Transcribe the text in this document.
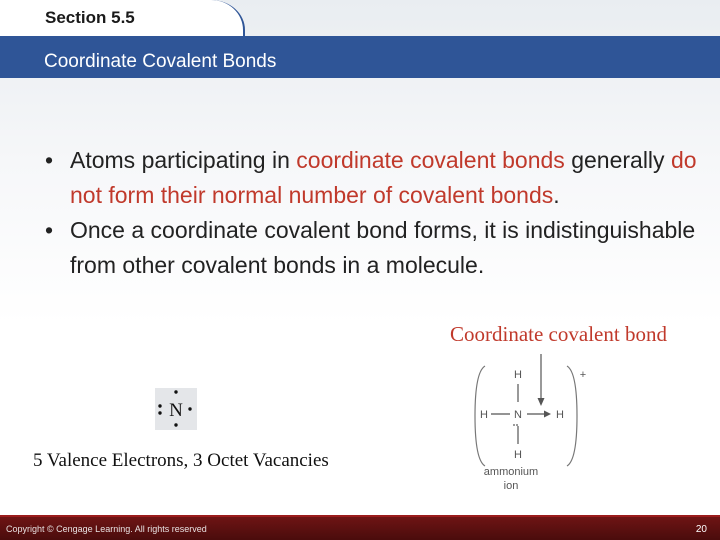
Section 5.5
Coordinate Covalent Bonds
• Atoms participating in coordinate covalent bonds generally do not form their normal number of covalent bonds.
• Once a coordinate covalent bond forms, it is indistinguishable from other covalent bonds in a molecule.
Coordinate covalent bond
N
5 Valence Electrons, 3 Octet Vacancies
+
H
H N	H
H
ammonium
ion
Copyright © Cengage Learning. All rights reserved	20
